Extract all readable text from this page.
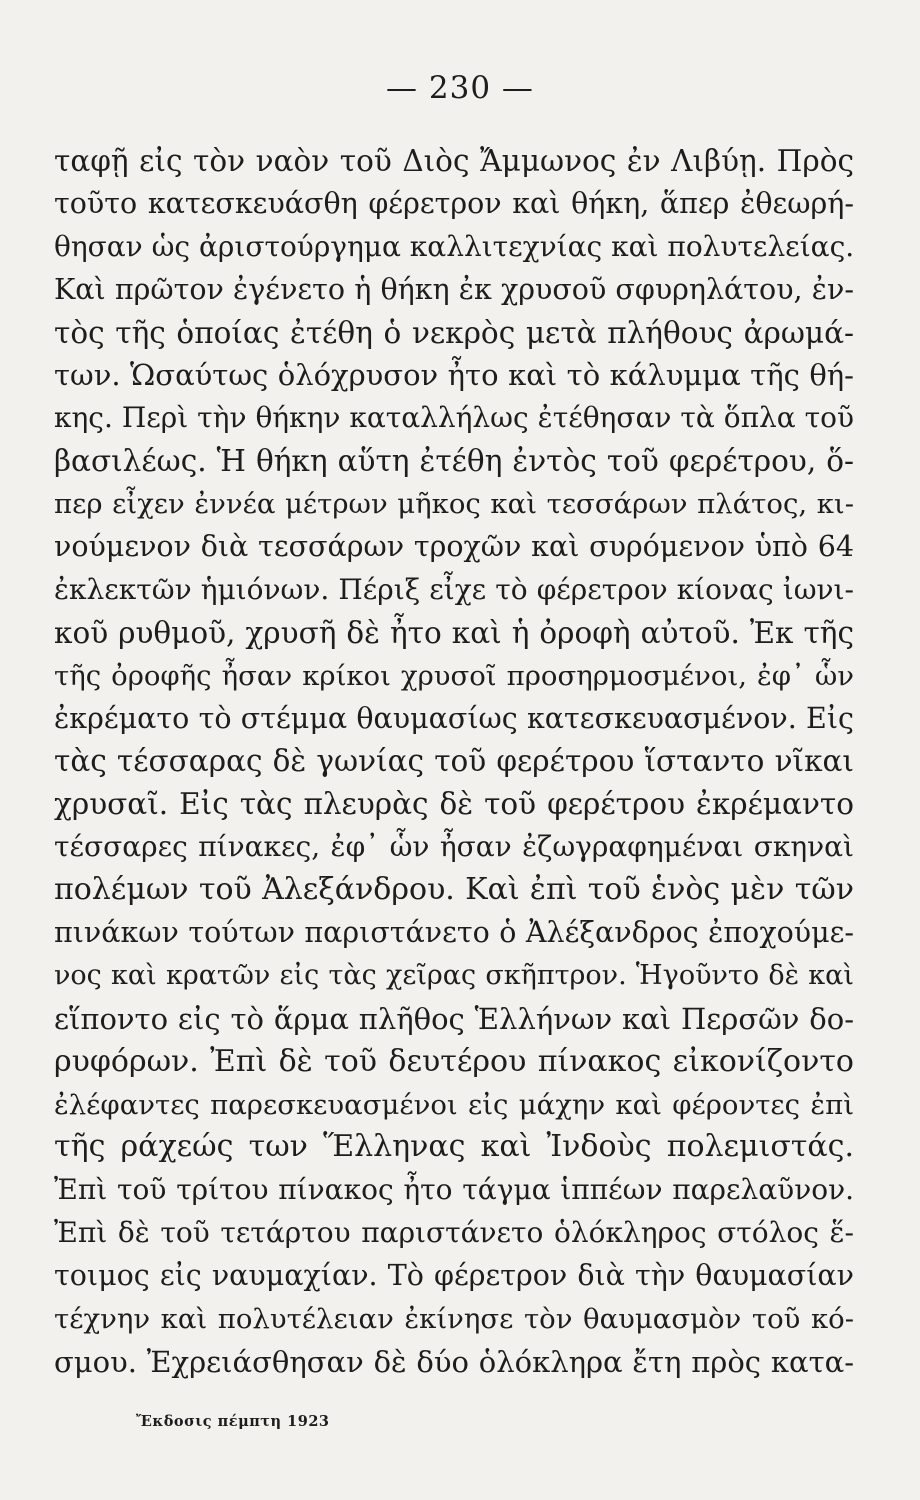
— 230 —
ταφῇ εἰς τὸν ναὸν τοῦ Διὸς Ἄμμωνος ἐν Λιβύῃ. Πρὸς
τοῦτο κατεσκευάσθη φέρετρον καὶ θήκη, ἅπερ ἐθεωρή-
θησαν ὡς ἀριστούργημα καλλιτεχνίας καὶ πολυτελείας.
Καὶ πρῶτον ἐγένετο ἡ θήκη ἐκ χρυσοῦ σφυρηλάτου, ἐν-
τὸς τῆς ὁποίας ἐτέθη ὁ νεκρὸς μετὰ πλήθους ἀρωμά-
των. Ὡσαύτως ὁλόχρυσον ἦτο καὶ τὸ κάλυμμα τῆς θή-
κης. Περὶ τὴν θήκην καταλλήλως ἐτέθησαν τὰ ὅπλα τοῦ
βασιλέως. Ἡ θήκη αὕτη ἐτέθη ἐντὸς τοῦ φερέτρου, ὅ-
περ εἶχεν ἐννέα μέτρων μῆκος καὶ τεσσάρων πλάτος, κι-
νούμενον διὰ τεσσάρων τροχῶν καὶ συρόμενον ὑπὸ 64
ἐκλεκτῶν ἡμιόνων. Πέριξ εἶχε τὸ φέρετρον κίονας ἰωνι-
κοῦ ρυθμοῦ, χρυσῆ δὲ ἦτο καὶ ἡ ὀροφὴ αὐτοῦ. Ἐκ τῆς
τῆς ὀροφῆς ἦσαν κρίκοι χρυσοῖ προσηρμοσμένοι, ἐφ᾽ ὧν
ἐκρέματο τὸ στέμμα θαυμασίως κατεσκευασμένον. Εἰς
τὰς τέσσαρας δὲ γωνίας τοῦ φερέτρου ἵσταντο νῖκαι
χρυσαῖ. Εἰς τὰς πλευρὰς δὲ τοῦ φερέτρου ἐκρέμαντο
τέσσαρες πίνακες, ἐφ᾽ ὧν ἦσαν ἐζωγραφημέναι σκηναὶ
πολέμων τοῦ Ἀλεξάνδρου. Καὶ ἐπὶ τοῦ ἑνὸς μὲν τῶν
πινάκων τούτων παριστάνετο ὁ Ἀλέξανδρος ἐποχούμε-
νος καὶ κρατῶν εἰς τὰς χεῖρας σκῆπτρον. Ἡγοῦντο δὲ καὶ
εἵποντο εἰς τὸ ἅρμα πλῆθος Ἑλλήνων καὶ Περσῶν δο-
ρυφόρων. Ἐπὶ δὲ τοῦ δευτέρου πίνακος εἰκονίζοντο
ἐλέφαντες παρεσκευασμένοι εἰς μάχην καὶ φέροντες ἐπὶ
τῆς ράχεώς των Ἕλληνας καὶ Ἰνδοὺς πολεμιστάς.
Ἐπὶ τοῦ τρίτου πίνακος ἦτο τάγμα ἱππέων παρελαῦνον.
Ἐπὶ δὲ τοῦ τετάρτου παριστάνετο ὁλόκληρος στόλος ἕ-
τοιμος εἰς ναυμαχίαν. Τὸ φέρετρον διὰ τὴν θαυμασίαν
τέχνην καὶ πολυτέλειαν ἐκίνησε τὸν θαυμασμὸν τοῦ κό-
σμου. Ἐχρειάσθησαν δὲ δύο ὁλόκληρα ἔτη πρὸς κατα-
Ἔκδοσις πέμπτη 1923
